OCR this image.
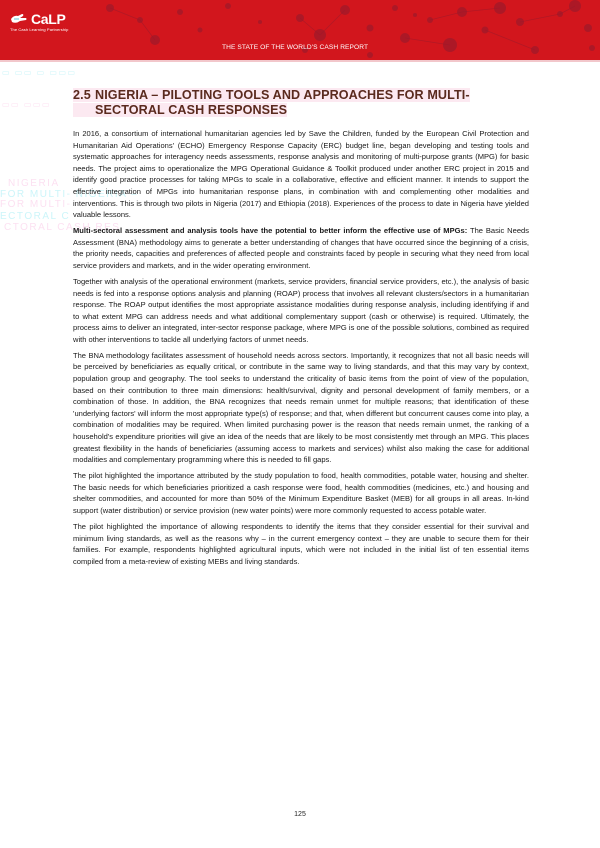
CaLP
The Cash Learning Partnership
THE STATE OF THE WORLD'S CASH REPORT
▭ ▭▭ ▭ ▭▭▭
▭▭ ▭▭▭
NIGERIA
FOR MULTI- NIGERIA –
FOR MULTI-
ECTORAL C
CTORAL CASH RES
2.5 NIGERIA – PILOTING TOOLS AND APPROACHES FOR MULTI-
SECTORAL CASH RESPONSES

In 2016, a consortium of international humanitarian agencies led by Save the Children, funded by the European Civil Protection and Humanitarian Aid Operations' (ECHO) Emergency Response Capacity (ERC) budget line, began developing and testing tools and systematic approaches for interagency needs assessments, response analysis and monitoring of multi-purpose grants (MPG) for basic needs. The project aims to operationalize the MPG Operational Guidance & Toolkit produced under another ERC project in 2015 and identify good practice processes for taking MPGs to scale in a collaborative, effective and efficient manner. It intends to support the effective integration of MPGs into humanitarian response plans, in combination with and complementing other modalities and interventions. This is through two pilots in Nigeria (2017) and Ethiopia (2018). Experiences of the process to date in Nigeria have yielded valuable lessons.

Multi-sectoral assessment and analysis tools have the potential to better inform the effective use of MPGs: The Basic Needs Assessment (BNA) methodology aims to generate a better understanding of changes that have occurred since the beginning of a crisis, the priority needs, capacities and preferences of affected people and constraints faced by people in securing what they need from local service providers and markets, and in the wider operating environment.

Together with analysis of the operational environment (markets, service providers, financial service providers, etc.), the analysis of basic needs is fed into a response options analysis and planning (ROAP) process that involves all relevant clusters/sectors in a humanitarian response. The ROAP output identifies the most appropriate assistance modalities during response analysis, including identifying if and to what extent MPG can address needs and what additional complementary support (cash or otherwise) is required. Ultimately, the process aims to deliver an integrated, inter-sector response package, where MPG is one of the possible solutions, combined as required with other interventions to tackle all underlying factors of unmet needs.

The BNA methodology facilitates assessment of household needs across sectors. Importantly, it recognizes that not all basic needs will be perceived by beneficiaries as equally critical, or contribute in the same way to living standards, and that this may vary by context, population group and geography. The tool seeks to understand the criticality of basic items from the point of view of the population, based on their contribution to three main dimensions: health/survival, dignity and personal development of family members, or a combination of those. In addition, the BNA recognizes that needs remain unmet for multiple reasons; that identification of these 'underlying factors' will inform the most appropriate type(s) of response; and that, when different but concurrent causes come into play, a combination of modalities may be required. When limited purchasing power is the reason that needs remain unmet, the ranking of a household's expenditure priorities will give an idea of the needs that are likely to be most consistently met through an MPG. This places greatest flexibility in the hands of beneficiaries (assuming access to markets and services) whilst also making the case for additional modalities and complementary programming where this is needed to fill gaps.

The pilot highlighted the importance attributed by the study population to food, health commodities, potable water, housing and shelter. The basic needs for which beneficiaries prioritized a cash response were food, health commodities (medicines, etc.) and housing and shelter commodities, and accounted for more than 50% of the Minimum Expenditure Basket (MEB) for all groups in all areas. In-kind support (water distribution) or service provision (new water points) were more commonly requested to access potable water.

The pilot highlighted the importance of allowing respondents to identify the items that they consider essential for their survival and minimum living standards, as well as the reasons why – in the current emergency context – they are unable to secure them for their families. For example, respondents highlighted agricultural inputs, which were not included in the initial list of ten essential items compiled from a meta-review of existing MEBs and living standards.

125
